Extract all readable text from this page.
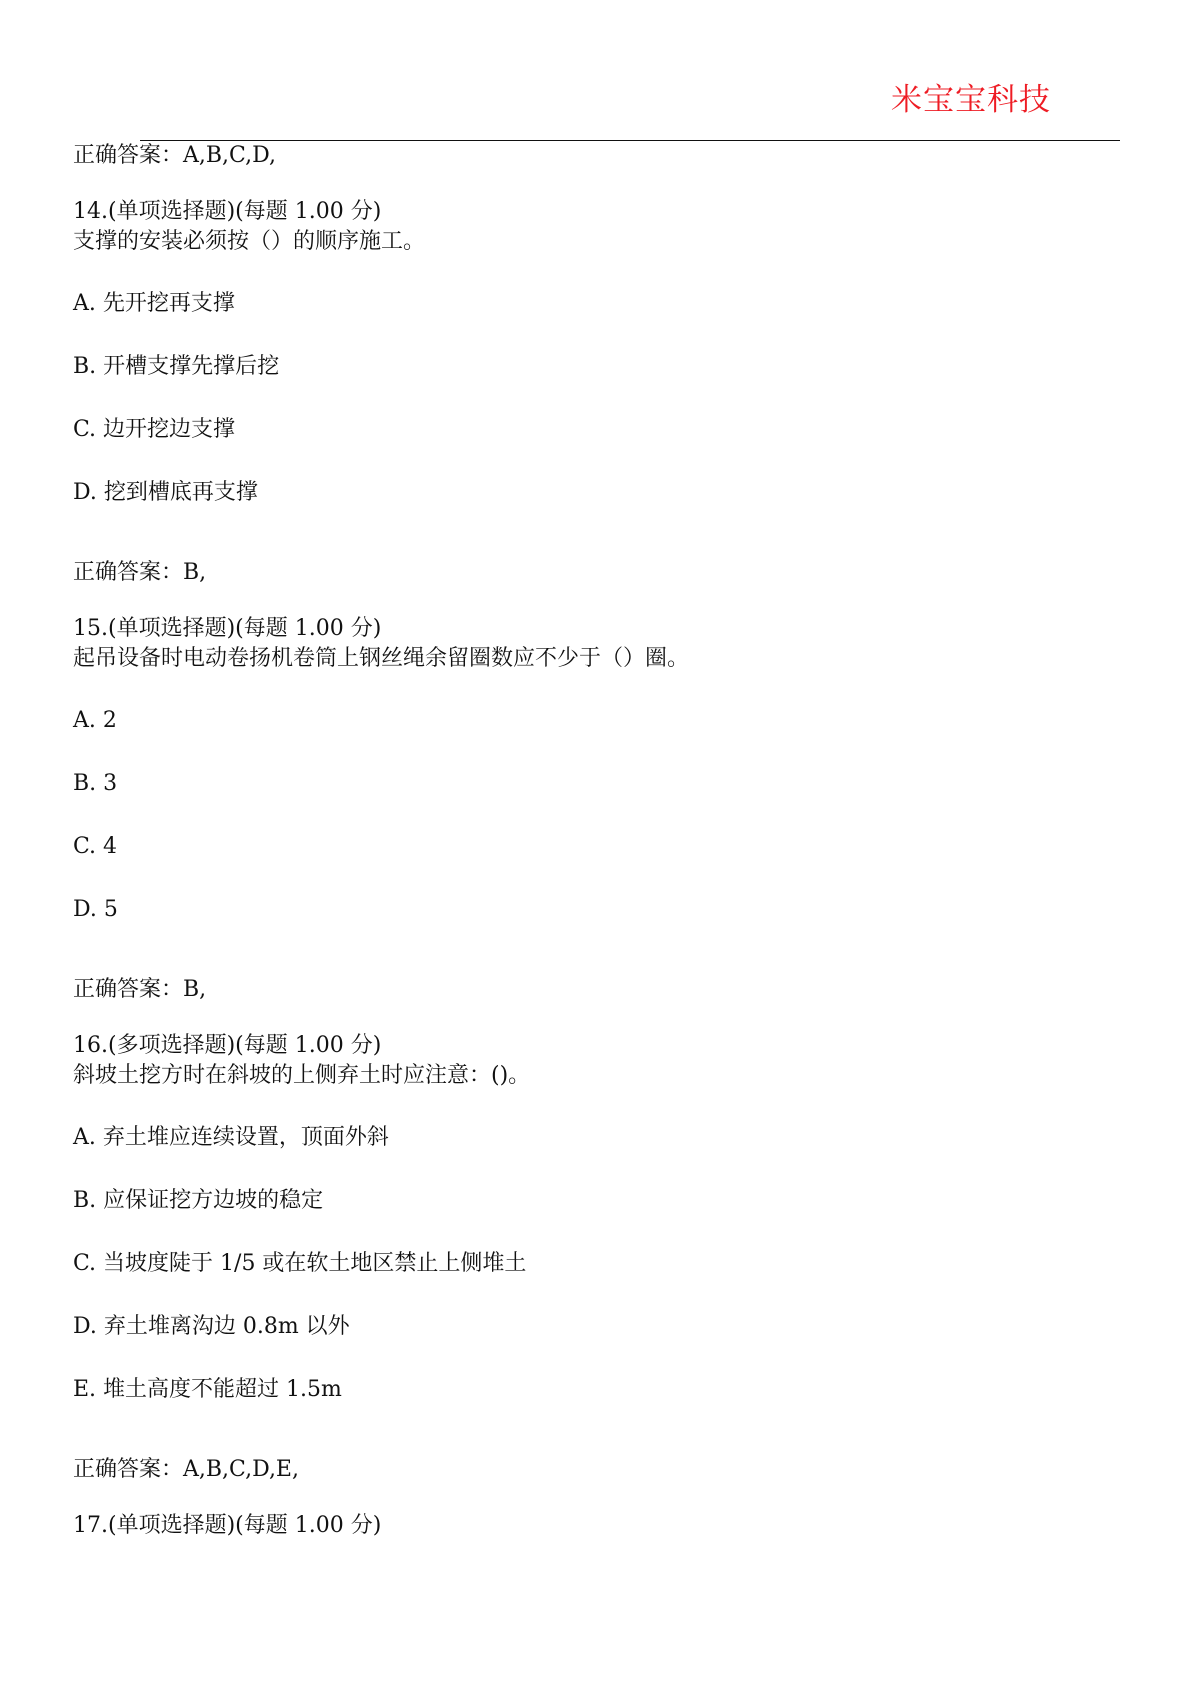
米宝宝科技

正确答案：A,B,C,D,

14.(单项选择题)(每题 1.00 分)

支撑的安装必须按（）的顺序施工。

A. 先开挖再支撑

B. 开槽支撑先撑后挖

C. 边开挖边支撑

D. 挖到槽底再支撑

正确答案：B,

15.(单项选择题)(每题 1.00 分)

起吊设备时电动卷扬机卷筒上钢丝绳余留圈数应不少于（）圈。

A. 2

B. 3

C. 4

D. 5

正确答案：B,

16.(多项选择题)(每题 1.00 分)

斜坡土挖方时在斜坡的上侧弃土时应注意：()。

A. 弃土堆应连续设置，顶面外斜

B. 应保证挖方边坡的稳定

C. 当坡度陡于 1/5 或在软土地区禁止上侧堆土

D. 弃土堆离沟边 0.8m 以外

E. 堆土高度不能超过 1.5m

正确答案：A,B,C,D,E,

17.(单项选择题)(每题 1.00 分)
